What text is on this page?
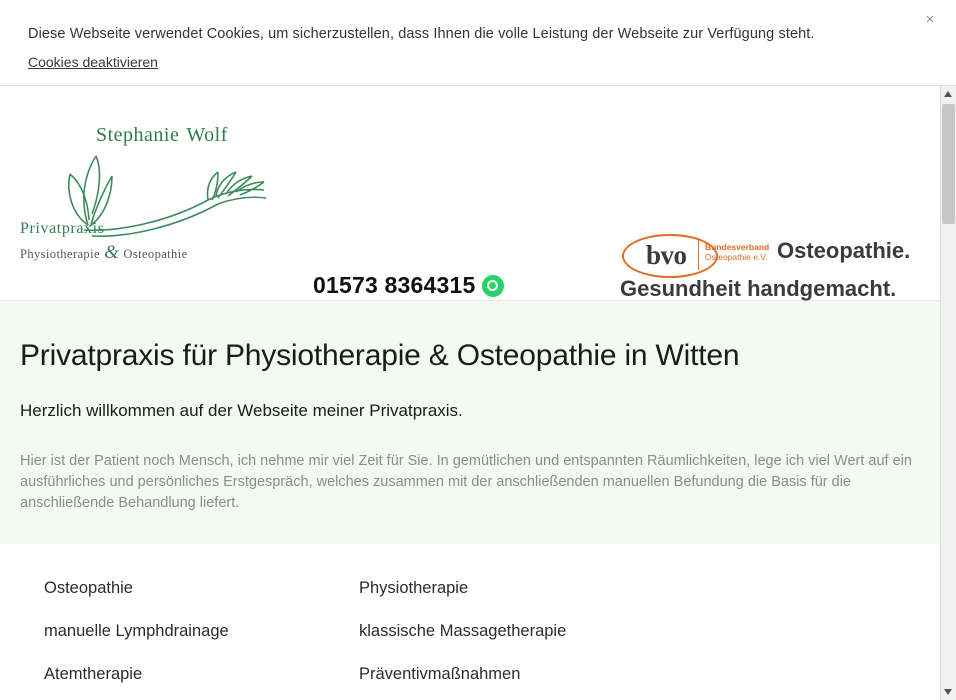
Diese Webseite verwendet Cookies, um sicherzustellen, dass Ihnen die volle Leistung der Webseite zur Verfügung steht.
Cookies deaktivieren
×
Stephanie Wolf
Privatpraxis
Physiotherapie & Osteopathie
01573 8364315
bvo Bundesverband
Osteopathie e.V. Osteopathie.
Gesundheit handgemacht.
Privatpraxis für Physiotherapie & Osteopathie in Witten

Herzlich willkommen auf der Webseite meiner Privatpraxis.

Hier ist der Patient noch Mensch, ich nehme mir viel Zeit für Sie. In gemütlichen und entspannten Räumlichkeiten, lege ich viel Wert auf ein ausführliches und persönliches Erstgespräch, welches zusammen mit der anschließenden manuellen Befundung die Basis für die anschließende Behandlung liefert.

Osteopathie
manuelle Lymphdrainage
Atemtherapie
Physiotherapie
klassische Massagetherapie
Präventivmaßnahmen
